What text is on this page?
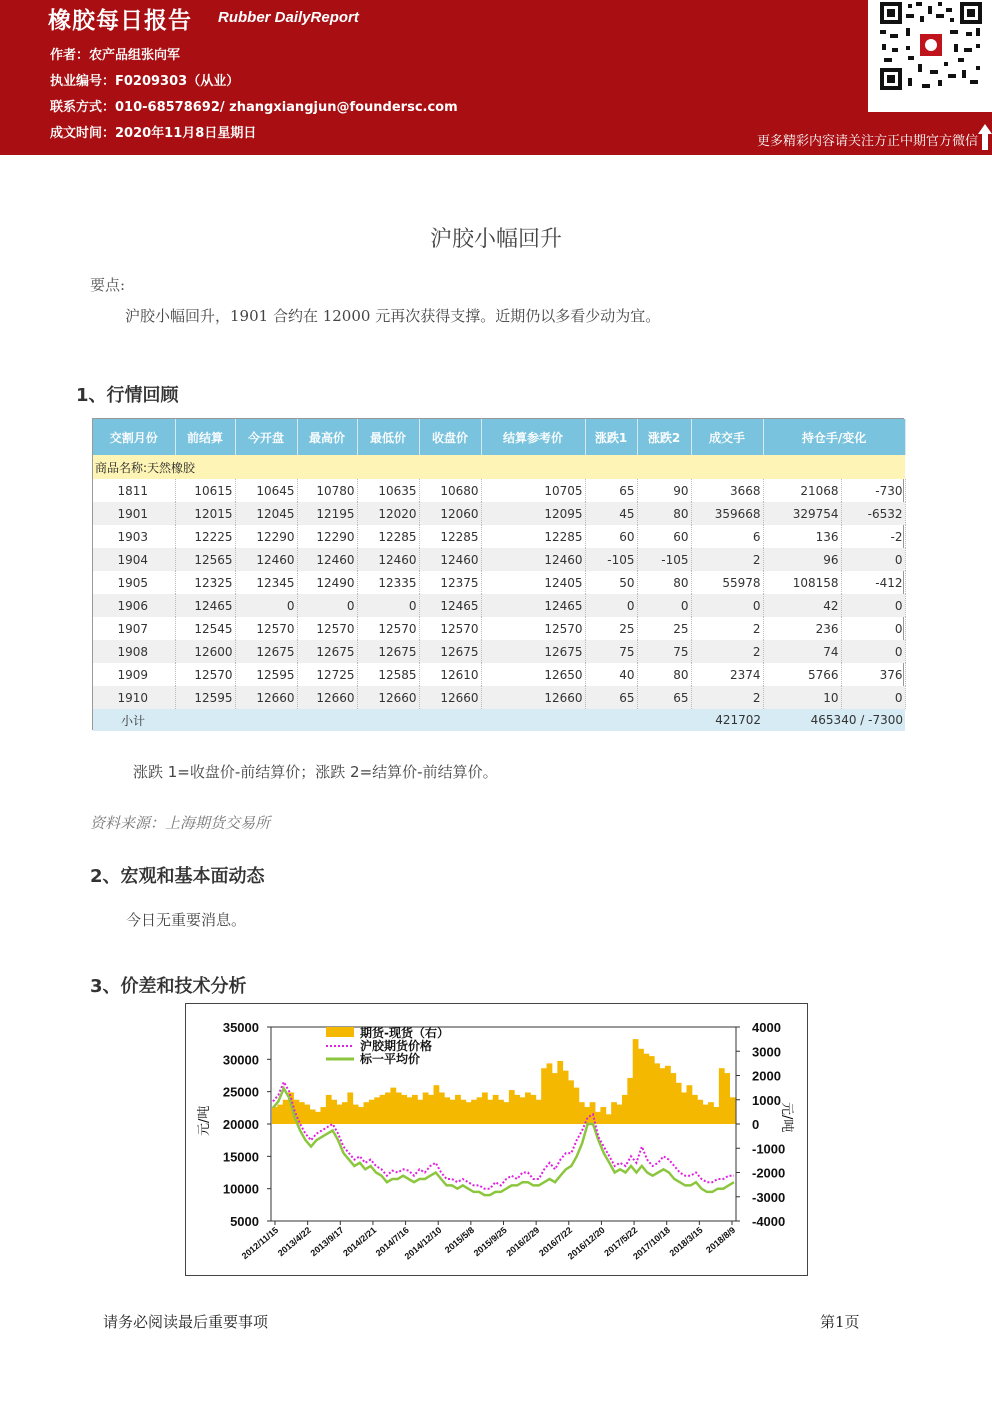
橡胶每日报告 Rubber DailyReport
作者：农产品组张向军
执业编号：F0209303（从业）
联系方式：010-68578692/ zhangxiangjun@foundersc.com
成文时间：2020年11月8日星期日
更多精彩内容请关注方正中期官方微信
沪胶小幅回升
要点:
沪胶小幅回升，1901 合约在 12000 元再次获得支撑。近期仍以多看少动为宜。
1、行情回顾
交割月份	前结算	今开盘	最高价	最低价	收盘价	结算参考价	涨跌1	涨跌2	成交手	持仓手/变化	
商品名称:天然橡胶											
1811	10615	10645	10780	10635	10680	10705	65	90	3668	21068	-730
1901	12015	12045	12195	12020	12060	12095	45	80	359668	329754	-6532
1903	12225	12290	12290	12285	12285	12285	60	60	6	136	-2
1904	12565	12460	12460	12460	12460	12460	-105	-105	2	96	0
1905	12325	12345	12490	12335	12375	12405	50	80	55978	108158	-412
1906	12465	0	0	0	12465	12465	0	0	0	42	0
1907	12545	12570	12570	12570	12570	12570	25	25	2	236	0
1908	12600	12675	12675	12675	12675	12675	75	75	2	74	0
1909	12570	12595	12725	12585	12610	12650	40	80	2374	5766	376
1910	12595	12660	12660	12660	12660	12660	65	65	2	10	0
小计									421702	465340 / -7300	
涨跌 1=收盘价-前结算价；涨跌 2=结算价-前结算价。
资料来源：上海期货交易所
2、宏观和基本面动态
今日无重要消息。
3、价差和技术分析
35000
30000
25000
20000
15000
10000
5000
4000
3000
2000
1000
0
-1000
-2000
-3000
-4000
元/吨	元/吨
2012/11/15
2013/4/22
2013/9/17
2014/2/21
2014/7/16
2014/12/10 2015/5/8
2015/9/25
2016/2/29
2016/7/22
2016/12/20
2017/5/22
2017/10/18
2018/3/15 2018/8/9
期货-现货（右）
沪胶期货价格
标一平均价
请务必阅读最后重要事项	第1页
